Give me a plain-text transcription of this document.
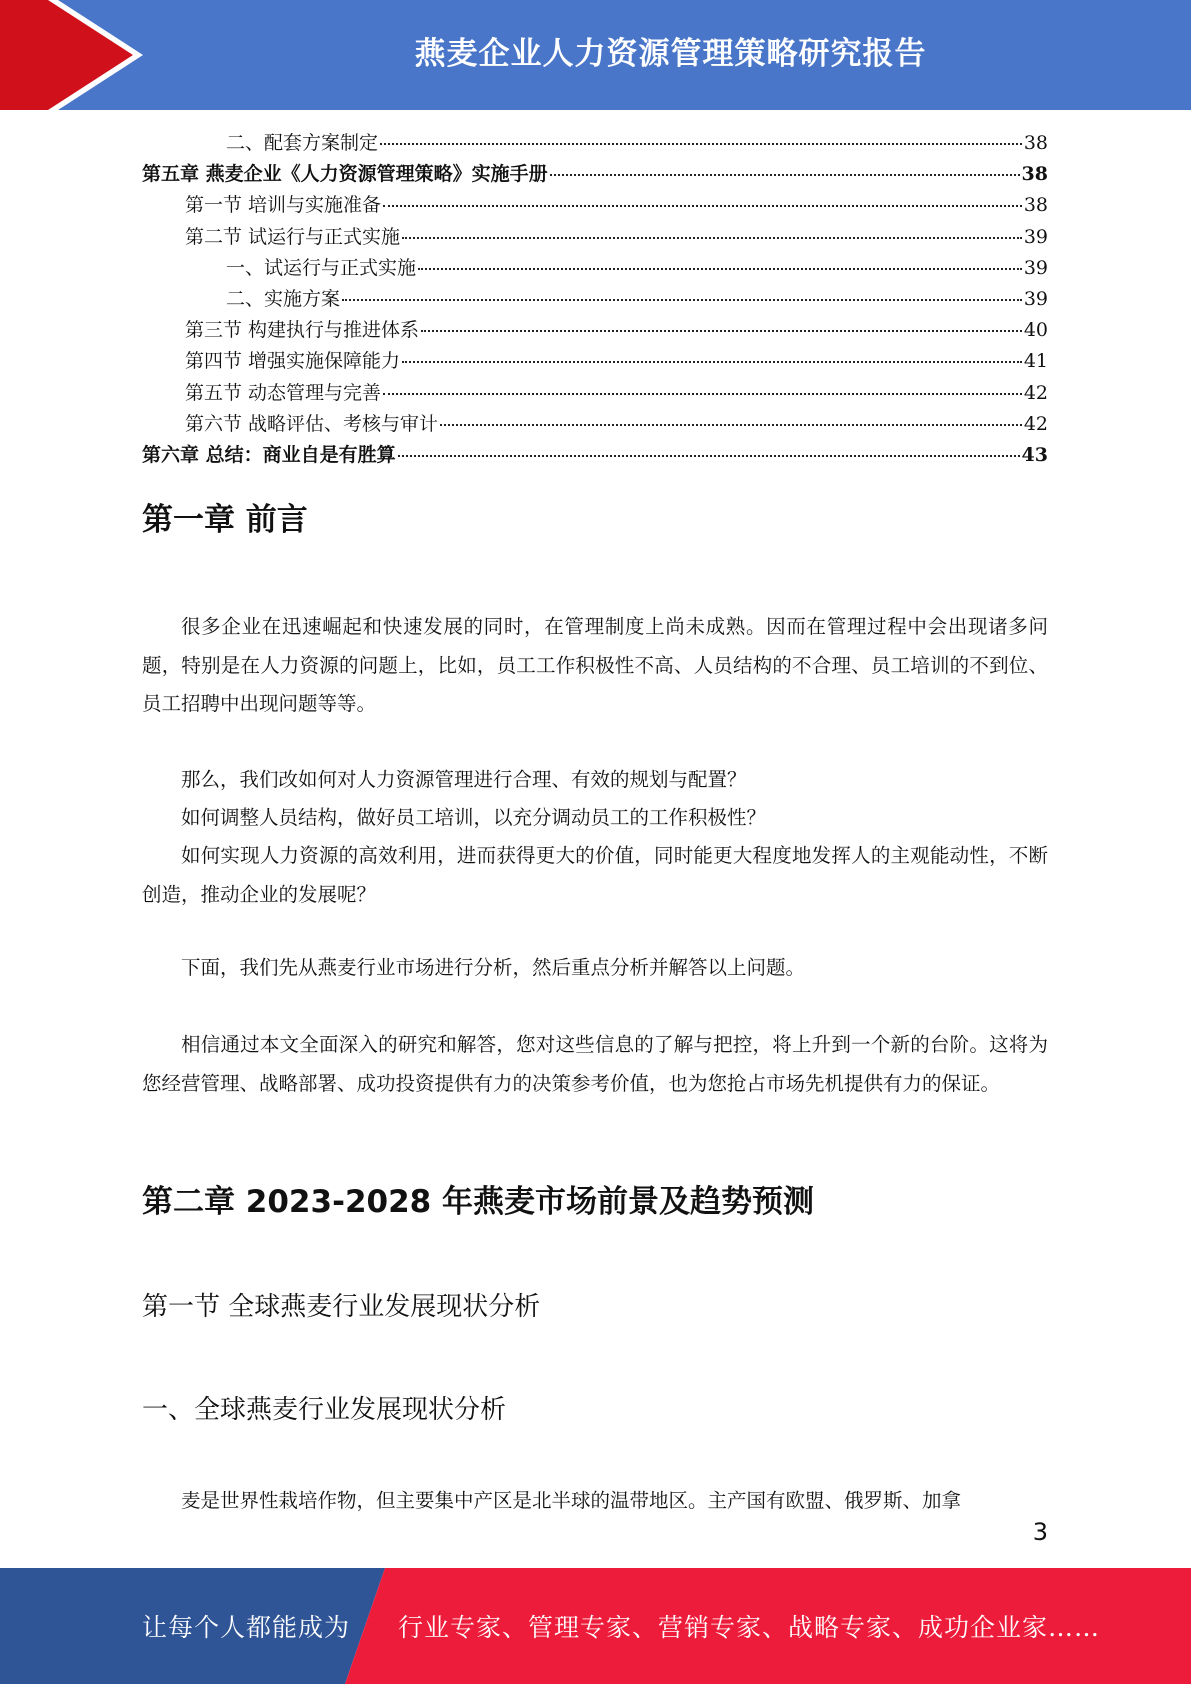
燕麦企业人力资源管理策略研究报告
二、配套方案制定	38
第五章 燕麦企业《人力资源管理策略》实施手册	38
第一节 培训与实施准备	38
第二节 试运行与正式实施	39
一、试运行与正式实施	39
二、实施方案	39
第三节 构建执行与推进体系	40
第四节 增强实施保障能力	41
第五节 动态管理与完善	42
第六节 战略评估、考核与审计	42
第六章 总结：商业自是有胜算	43
第一章 前言

很多企业在迅速崛起和快速发展的同时，在管理制度上尚未成熟。因而在管理过程中会出现诸多问题，特别是在人力资源的问题上，比如，员工工作积极性不高、人员结构的不合理、员工培训的不到位、员工招聘中出现问题等等。

那么，我们改如何对人力资源管理进行合理、有效的规划与配置？

如何调整人员结构，做好员工培训，以充分调动员工的工作积极性？

如何实现人力资源的高效利用，进而获得更大的价值，同时能更大程度地发挥人的主观能动性，不断创造，推动企业的发展呢？

下面，我们先从燕麦行业市场进行分析，然后重点分析并解答以上问题。

相信通过本文全面深入的研究和解答，您对这些信息的了解与把控，将上升到一个新的台阶。这将为您经营管理、战略部署、成功投资提供有力的决策参考价值，也为您抢占市场先机提供有力的保证。

第二章 2023-2028 年燕麦市场前景及趋势预测
第一节 全球燕麦行业发展现状分析
一、全球燕麦行业发展现状分析

麦是世界性栽培作物，但主要集中产区是北半球的温带地区。主产国有欧盟、俄罗斯、加拿

3
让每个人都能成为 行业专家、管理专家、营销专家、战略专家、成功企业家……
